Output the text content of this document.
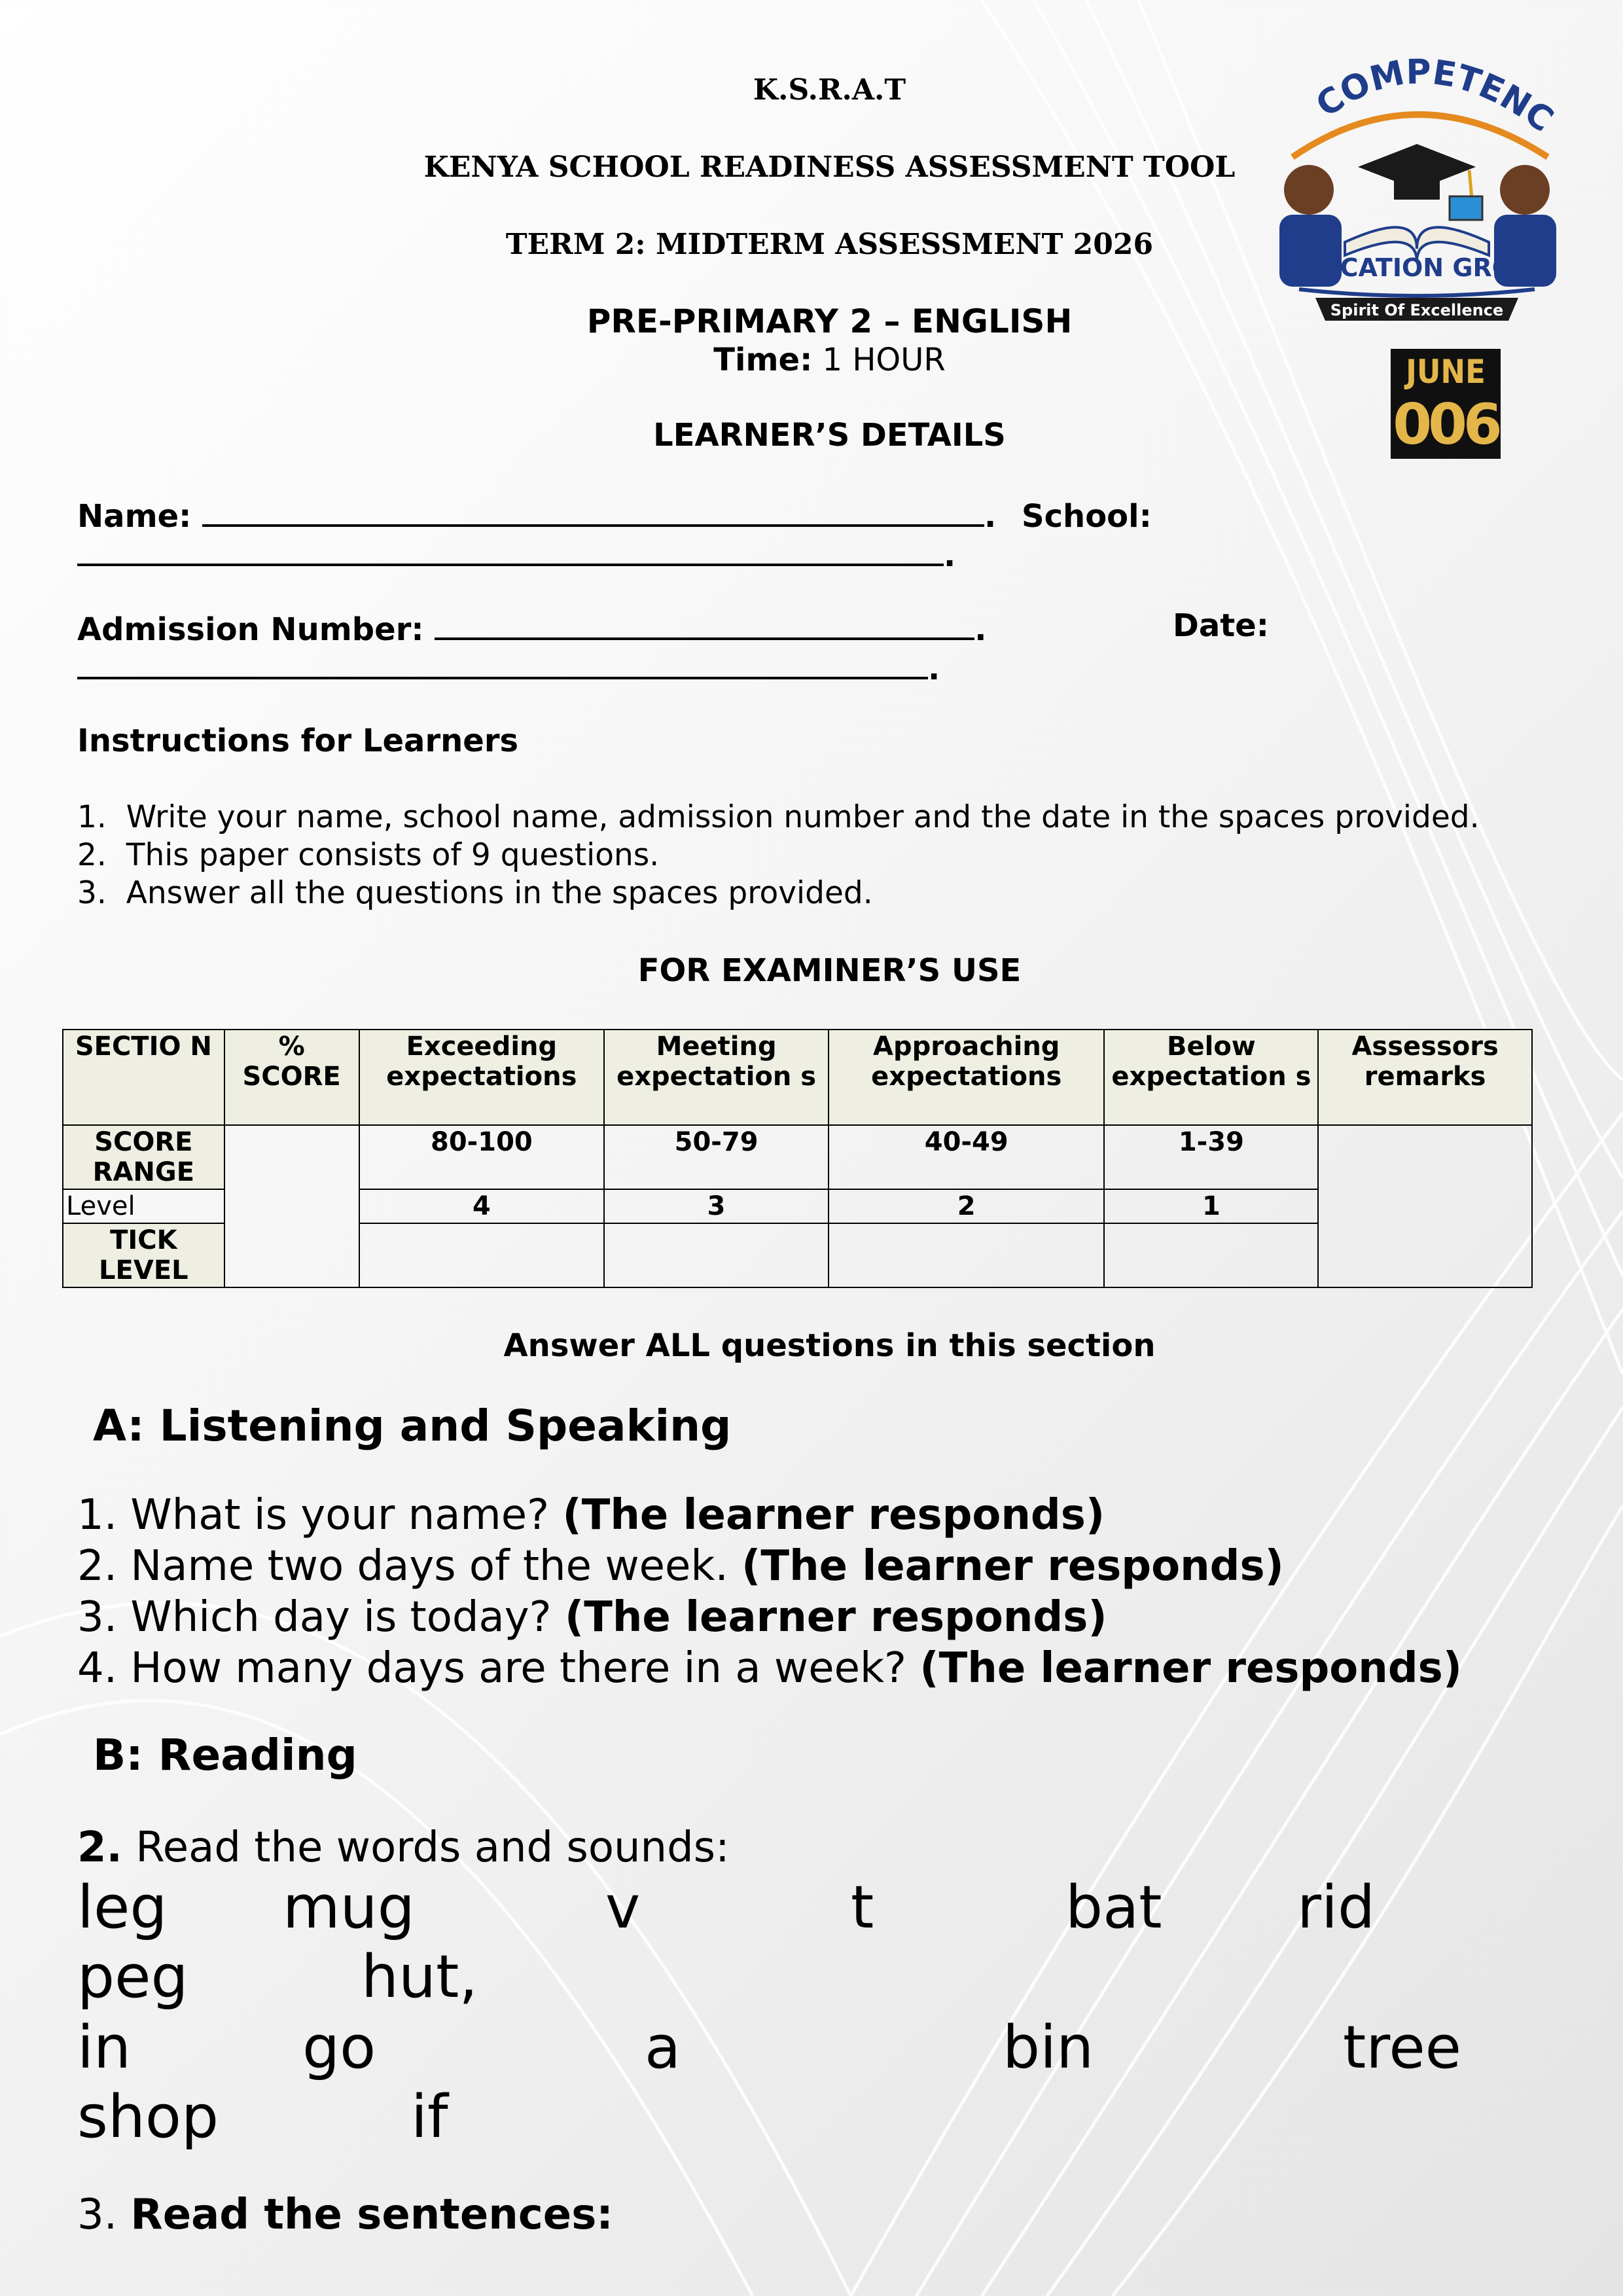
K.S.R.A.T
KENYA SCHOOL READINESS ASSESSMENT TOOL
TERM 2: MIDTERM ASSESSMENT 2026
PRE-PRIMARY 2 – ENGLISH
Time: 1 HOUR
COMPETENC
EDUCATION GROUP
Spirit Of Excellence
JUNE
006
LEARNER’S DETAILS
Name:	. School:
.
Admission Number:	.	Date:
.
Instructions for Learners
1.  Write your name, school name, admission number and the date in the spaces provided.
2.  This paper consists of 9 questions.
3.  Answer all the questions in the spaces provided.
FOR EXAMINER’S USE
SECTIO N	% SCORE	Exceeding expectations	Meeting expectation s	Approaching expectations	Below expectation s	Assessors remarks
SCORE RANGE		80-100	50-79	40-49	1-39	
Level		4	3	2	1	
TICK LEVEL						
Answer ALL questions in this section
A: Listening and Speaking
1. What is your name? (The learner responds)
2. Name two days of the week. (The learner responds)
3. Which day is today? (The learner responds)
4. How many days are there in a week? (The learner responds)
B: Reading
2. Read the words and sounds:
leg mug	v	t	bat rid
peg	hut,
in	go	a	bin	tree
shop	if
3. Read the sentences:
